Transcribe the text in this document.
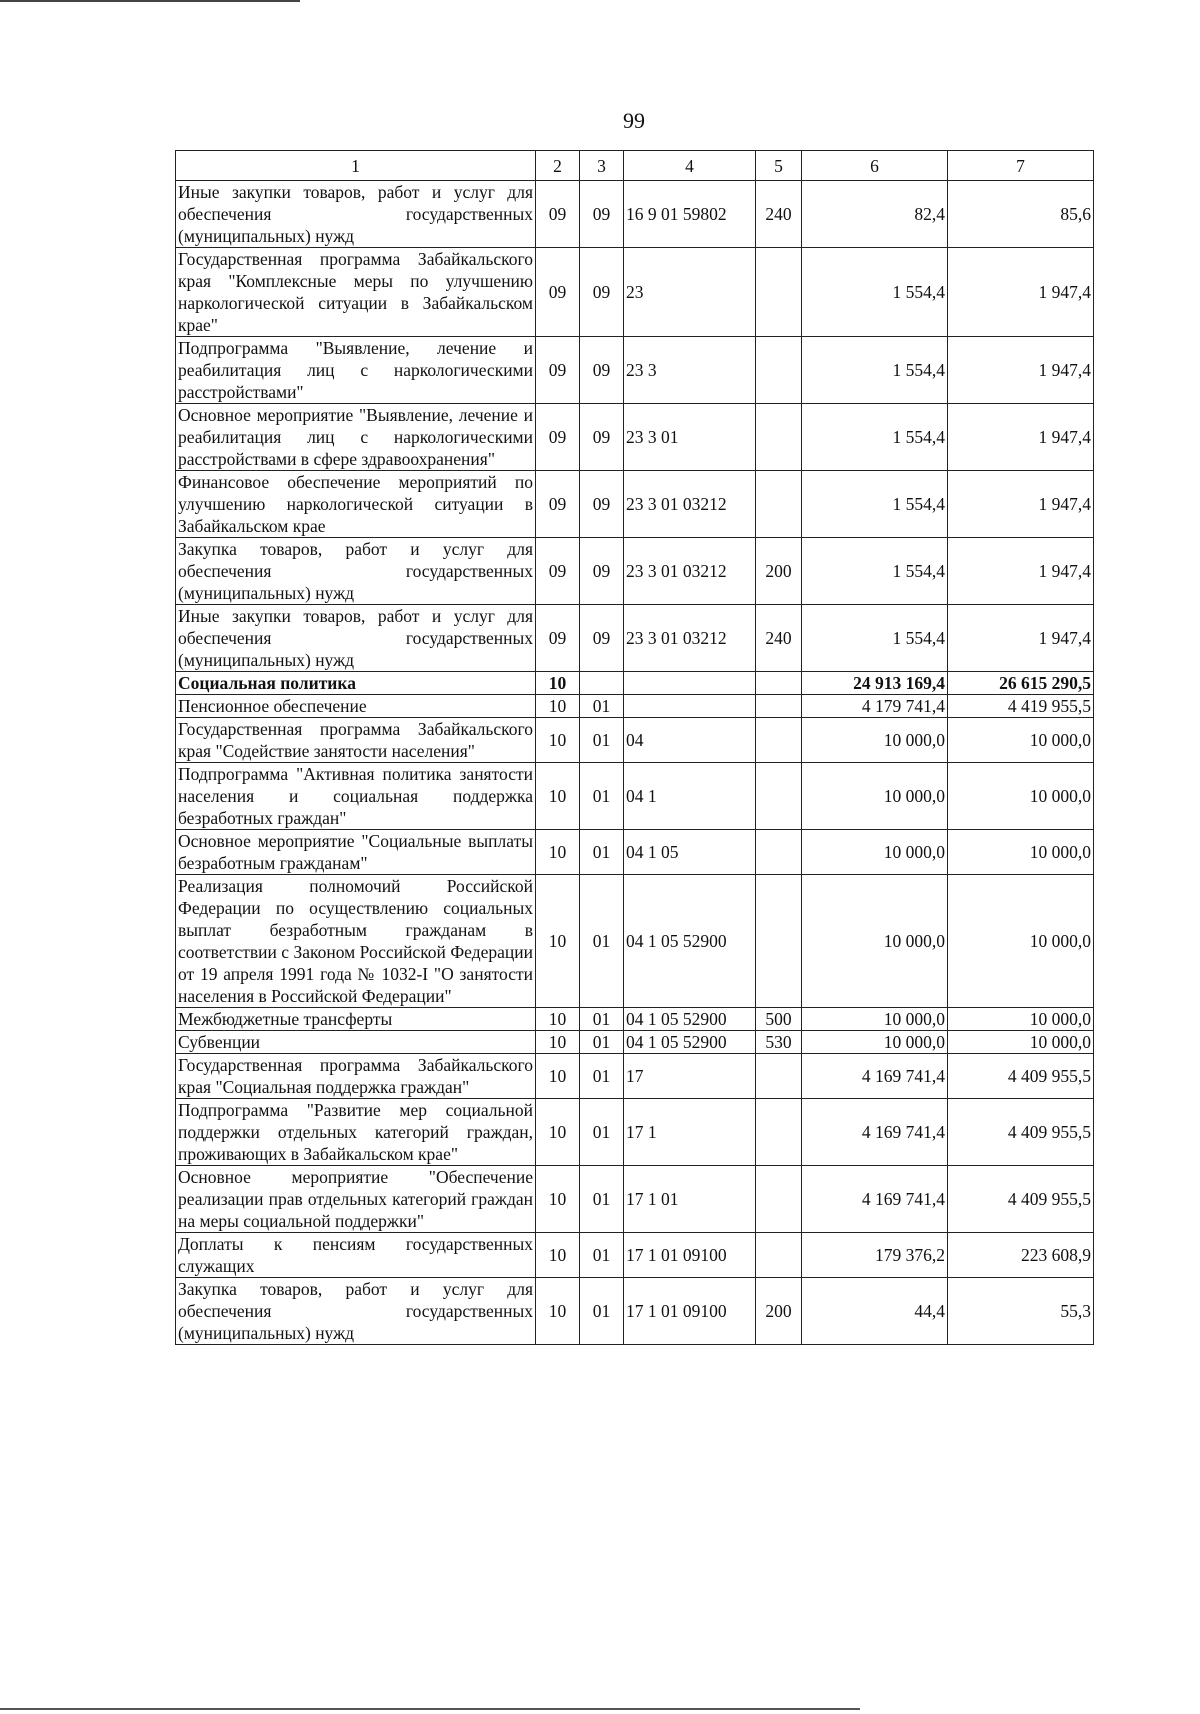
99
1	2	3	4	5	6	7
Иные закупки товаров, работ и услуг для обеспечения государственных (муниципальных) нужд	09	09	16 9 01 59802	240	82,4	85,6
Государственная программа Забайкальского края "Комплексные меры по улучшению наркологической ситуации в Забайкальском крае"	09	09	23		1 554,4	1 947,4
Подпрограмма "Выявление, лечение и реабилитация лиц с наркологическими расстройствами"	09	09	23 3		1 554,4	1 947,4
Основное мероприятие "Выявление, лечение и реабилитация лиц с наркологическими расстройствами в сфере здравоохранения"	09	09	23 3 01		1 554,4	1 947,4
Финансовое обеспечение мероприятий по улучшению наркологической ситуации в Забайкальском крае	09	09	23 3 01 03212		1 554,4	1 947,4
Закупка товаров, работ и услуг для обеспечения государственных (муниципальных) нужд	09	09	23 3 01 03212	200	1 554,4	1 947,4
Иные закупки товаров, работ и услуг для обеспечения государственных (муниципальных) нужд	09	09	23 3 01 03212	240	1 554,4	1 947,4
Социальная политика	10				24 913 169,4	26 615 290,5
Пенсионное обеспечение	10	01			4 179 741,4	4 419 955,5
Государственная программа Забайкальского края "Содействие занятости населения"	10	01	04		10 000,0	10 000,0
Подпрограмма "Активная политика занятости населения и социальная поддержка безработных граждан"	10	01	04 1		10 000,0	10 000,0
Основное мероприятие "Социальные выплаты безработным гражданам"	10	01	04 1 05		10 000,0	10 000,0
Реализация полномочий Российской Федерации по осуществлению социальных выплат безработным гражданам в соответствии с Законом Российской Федерации от 19 апреля 1991 года № 1032-I "О занятости населения в Российской Федерации"	10	01	04 1 05 52900		10 000,0	10 000,0
Межбюджетные трансферты	10	01	04 1 05 52900	500	10 000,0	10 000,0
Субвенции	10	01	04 1 05 52900	530	10 000,0	10 000,0
Государственная программа Забайкальского края "Социальная поддержка граждан"	10	01	17		4 169 741,4	4 409 955,5
Подпрограмма "Развитие мер социальной поддержки отдельных категорий граждан, проживающих в Забайкальском крае"	10	01	17 1		4 169 741,4	4 409 955,5
Основное мероприятие "Обеспечение реализации прав отдельных категорий граждан на меры социальной поддержки"	10	01	17 1 01		4 169 741,4	4 409 955,5
Доплаты к пенсиям государственных служащих	10	01	17 1 01 09100		179 376,2	223 608,9
Закупка товаров, работ и услуг для обеспечения государственных (муниципальных) нужд	10	01	17 1 01 09100	200	44,4	55,3
